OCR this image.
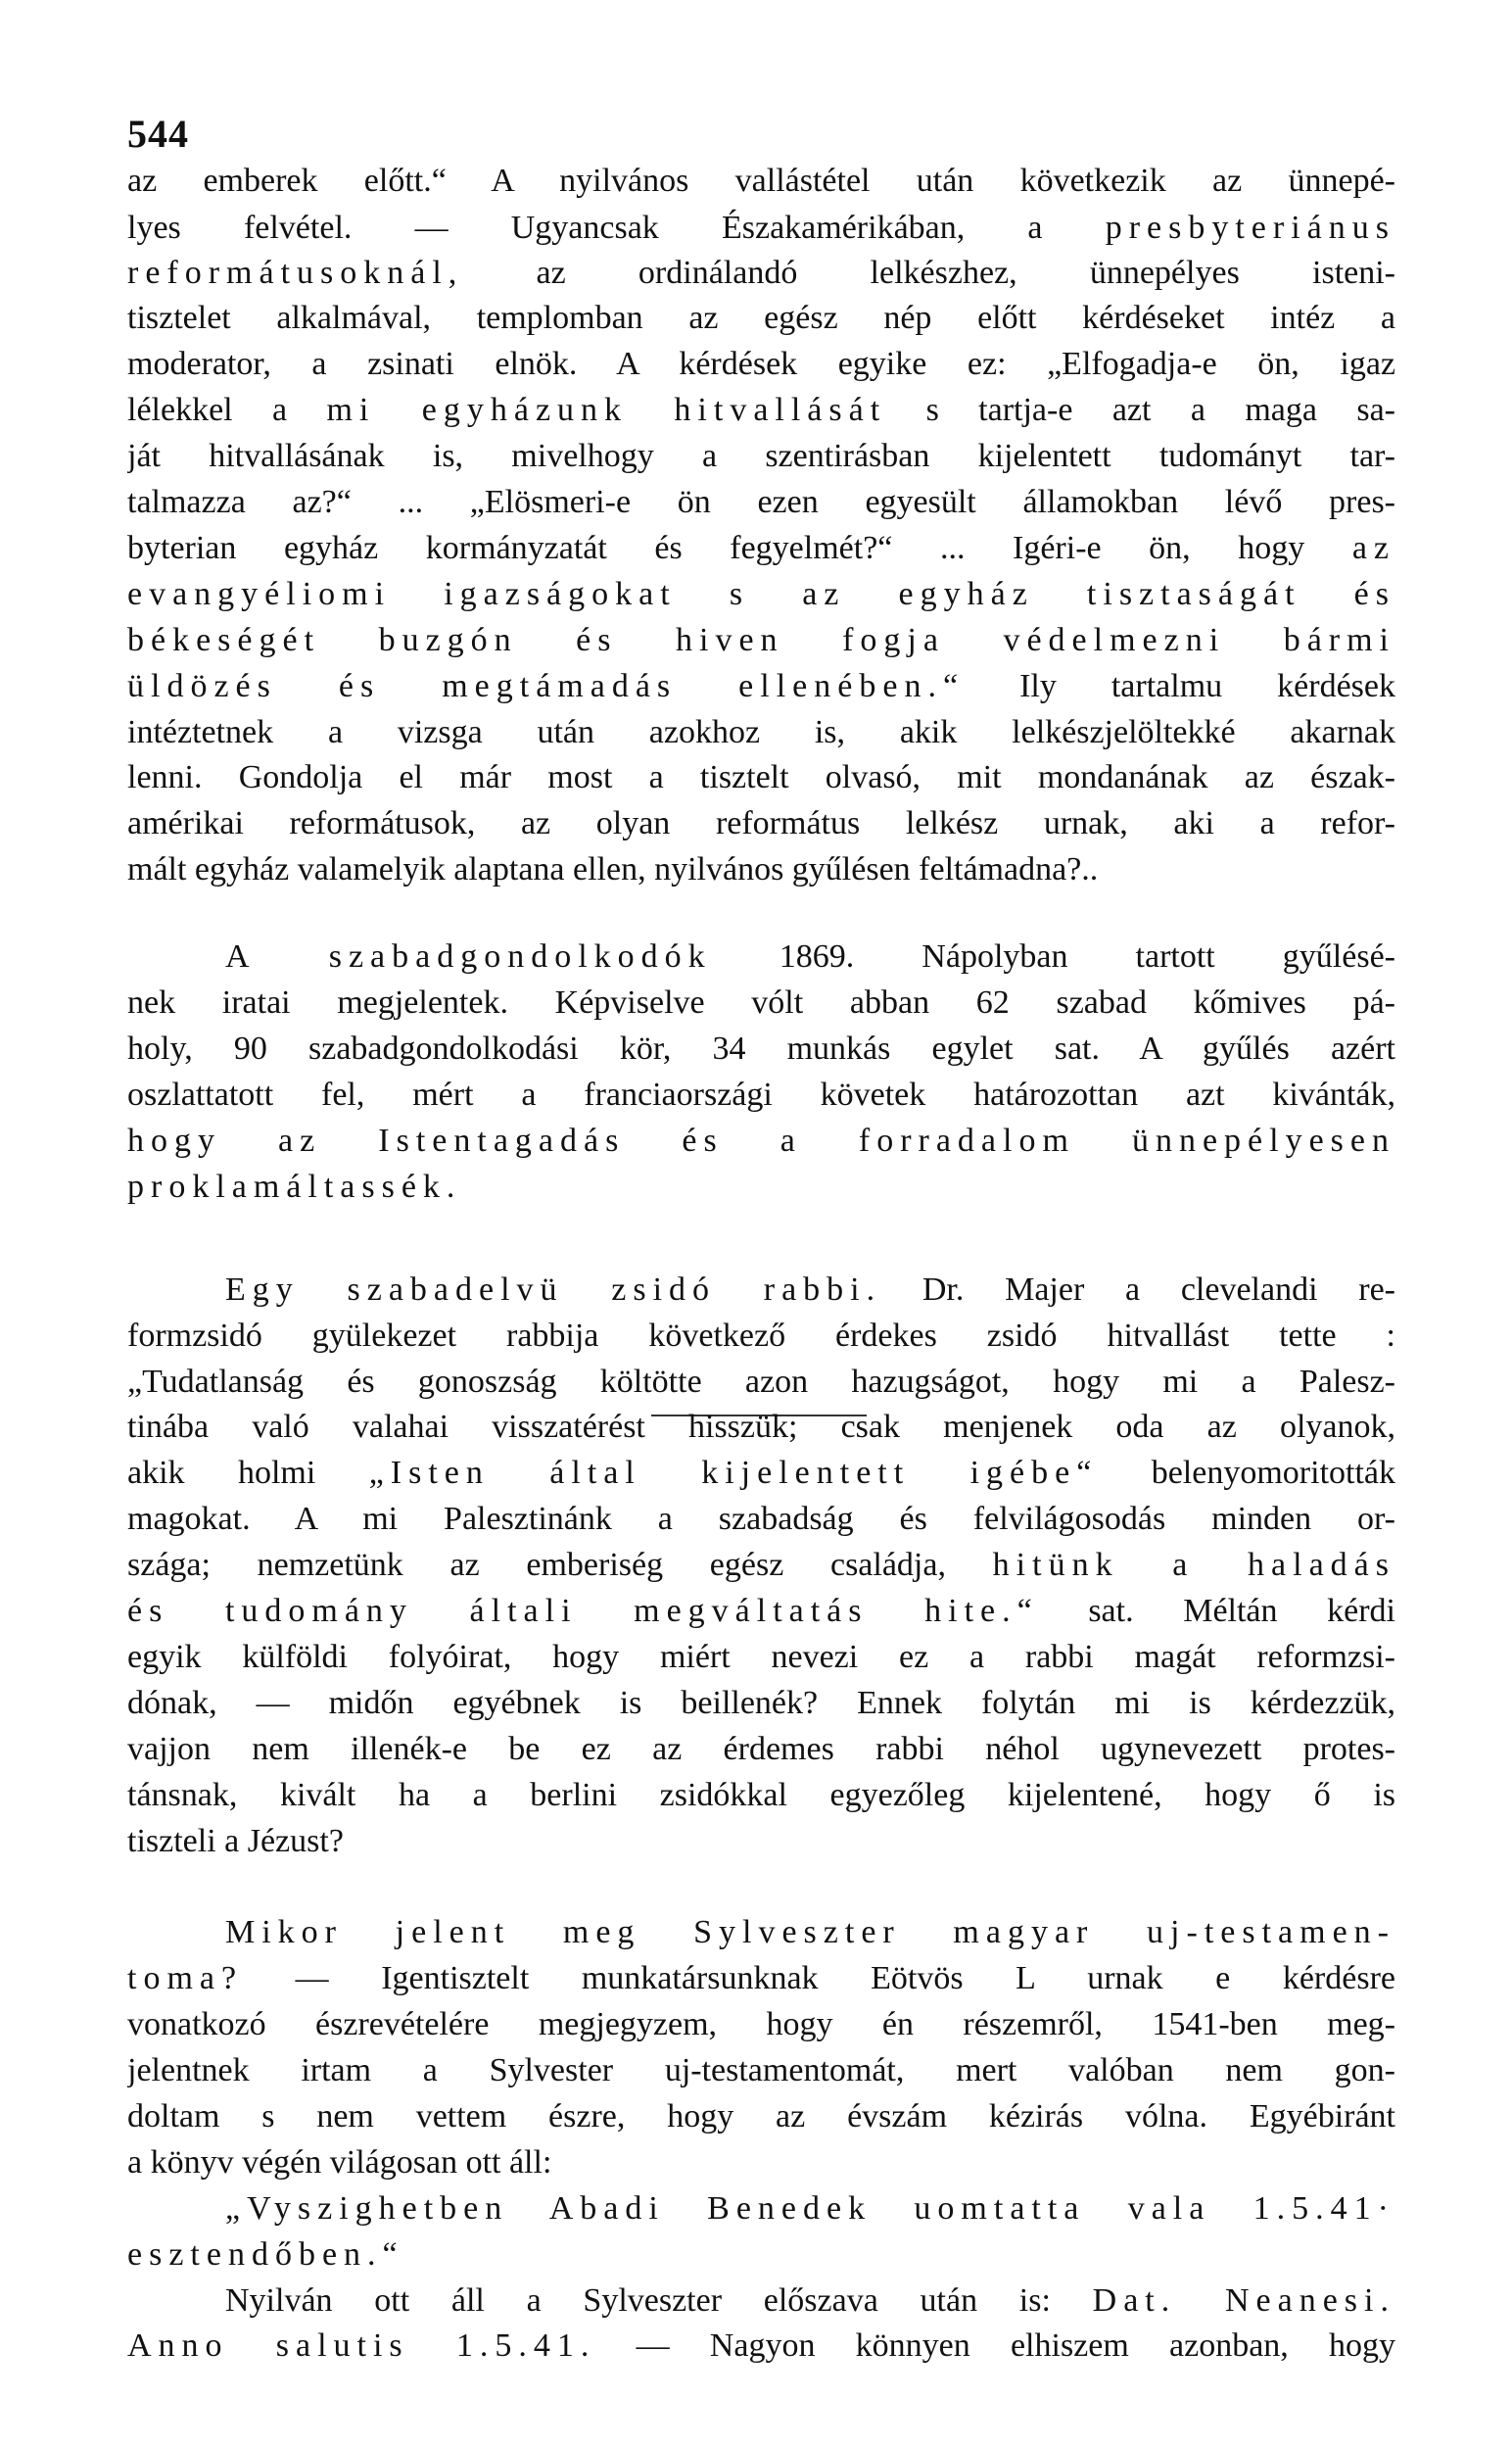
544
az emberek előtt.“ A nyilvános vallástétel után következik az ünnepé-
lyes felvétel. — Ugyancsak Északamérikában, a presbyteriánus
reformátusoknál, az ordinálandó lelkészhez, ünnepélyes isteni-
tisztelet alkalmával, templomban az egész nép előtt kérdéseket intéz a
moderator, a zsinati elnök. A kérdések egyike ez: „Elfogadja-e ön, igaz
lélekkel a mi egyházunk hitvallását s tartja-e azt a maga sa-
ját hitvallásának is, mivelhogy a szentirásban kijelentett tudományt tar-
talmazza az?“ ... „Elösmeri-e ön ezen egyesült államokban lévő pres-
byterian egyház kormányzatát és fegyelmét?“ ... Igéri-e ön, hogy az
evangyéliomi igazságokat s az egyház tisztaságát és
békeségét buzgón és hiven fogja védelmezni bármi
üldözés és megtámadás ellenében.“ Ily tartalmu kérdések
intéztetnek a vizsga után azokhoz is, akik lelkészjelöltekké akarnak
lenni. Gondolja el már most a tisztelt olvasó, mit mondanának az észak-
amérikai reformátusok, az olyan református lelkész urnak, aki a refor-
mált egyház valamelyik alaptana ellen, nyilvános gyűlésen feltámadna?..
A szabadgondolkodók 1869. Nápolyban tartott gyűlésé-
nek iratai megjelentek. Képviselve vólt abban 62 szabad kőmives pá-
holy, 90 szabadgondolkodási kör, 34 munkás egylet sat. A gyűlés azért
oszlattatott fel, mért a franciaországi követek határozottan azt kivánták,
hogy az Istentagadás és a forradalom ünnepélyesen
proklamáltassék.
Egy szabadelvü zsidó rabbi. Dr. Majer a clevelandi re-
formzsidó gyülekezet rabbija következő érdekes zsidó hitvallást tette :
„Tudatlanság és gonoszság költötte azon hazugságot, hogy mi a Palesz-
tinába való valahai visszatérést hisszük; csak menjenek oda az olyanok,
akik holmi „Isten által kijelentett igébe“ belenyomoritották
magokat. A mi Palesztinánk a szabadság és felvilágosodás minden or-
szága; nemzetünk az emberiség egész családja, hitünk a haladás
és tudomány általi megváltatás hite.“ sat. Méltán kérdi
egyik külföldi folyóirat, hogy miért nevezi ez a rabbi magát reformzsi-
dónak, — midőn egyébnek is beillenék? Ennek folytán mi is kérdezzük,
vajjon nem illenék-e be ez az érdemes rabbi néhol ugynevezett protes-
tánsnak, kivált ha a berlini zsidókkal egyezőleg kijelentené, hogy ő is
tiszteli a Jézust?
Mikor jelent meg Sylveszter magyar uj-testamen-
toma? — Igentisztelt munkatársunknak Eötvös L urnak e kérdésre
vonatkozó észrevételére megjegyzem, hogy én részemről, 1541-ben meg-
jelentnek irtam a Sylvester uj-testamentomát, mert valóban nem gon-
doltam s nem vettem észre, hogy az évszám kézirás vólna. Egyébiránt
a könyv végén világosan ott áll:
„Vyszighetben Abadi Benedek uomtatta vala 1.5.41·
esztendőben.“
Nyilván ott áll a Sylveszter előszava után is: Dat. Neanesi.
Anno salutis 1.5.41. — Nagyon könnyen elhiszem azonban, hogy
